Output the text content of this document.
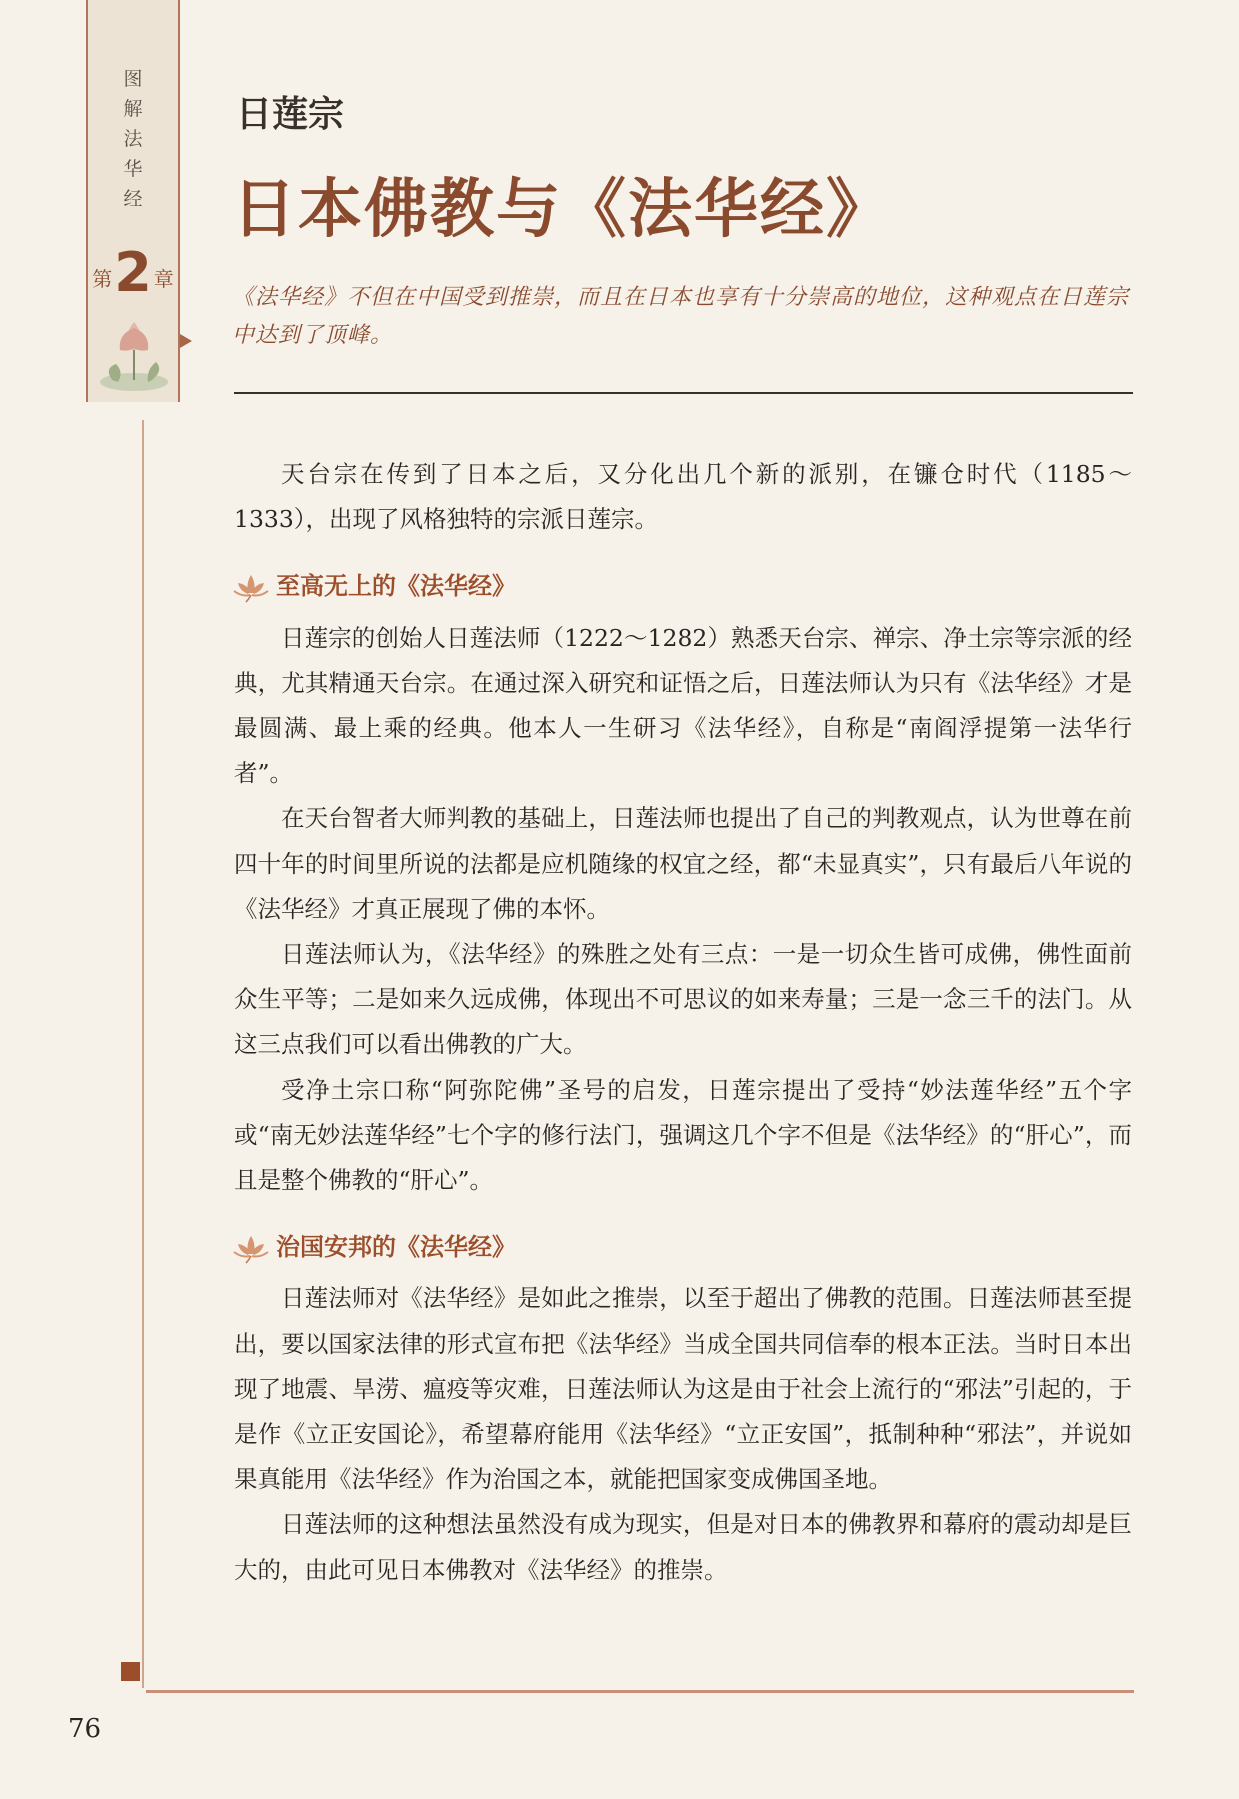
图
解
法
华
经
第 2 章
日莲宗
日本佛教与《法华经》
《法华经》不但在中国受到推崇，而且在日本也享有十分崇高的地位，这种观点在日莲宗中达到了顶峰。

天台宗在传到了日本之后，又分化出几个新的派别，在镰仓时代（1185～1333），出现了风格独特的宗派日莲宗。

至高无上的《法华经》

日莲宗的创始人日莲法师（1222～1282）熟悉天台宗、禅宗、净土宗等宗派的经典，尤其精通天台宗。在通过深入研究和证悟之后，日莲法师认为只有《法华经》才是最圆满、最上乘的经典。他本人一生研习《法华经》，自称是“南阎浮提第一法华行者”。

在天台智者大师判教的基础上，日莲法师也提出了自己的判教观点，认为世尊在前四十年的时间里所说的法都是应机随缘的权宜之经，都“未显真实”，只有最后八年说的《法华经》才真正展现了佛的本怀。

日莲法师认为，《法华经》的殊胜之处有三点：一是一切众生皆可成佛，佛性面前众生平等；二是如来久远成佛，体现出不可思议的如来寿量；三是一念三千的法门。从这三点我们可以看出佛教的广大。

受净土宗口称“阿弥陀佛”圣号的启发，日莲宗提出了受持“妙法莲华经”五个字或“南无妙法莲华经”七个字的修行法门，强调这几个字不但是《法华经》的“肝心”，而且是整个佛教的“肝心”。

治国安邦的《法华经》

日莲法师对《法华经》是如此之推崇，以至于超出了佛教的范围。日莲法师甚至提出，要以国家法律的形式宣布把《法华经》当成全国共同信奉的根本正法。当时日本出现了地震、旱涝、瘟疫等灾难，日莲法师认为这是由于社会上流行的“邪法”引起的，于是作《立正安国论》，希望幕府能用《法华经》“立正安国”，抵制种种“邪法”，并说如果真能用《法华经》作为治国之本，就能把国家变成佛国圣地。

日莲法师的这种想法虽然没有成为现实，但是对日本的佛教界和幕府的震动却是巨大的，由此可见日本佛教对《法华经》的推崇。

76
